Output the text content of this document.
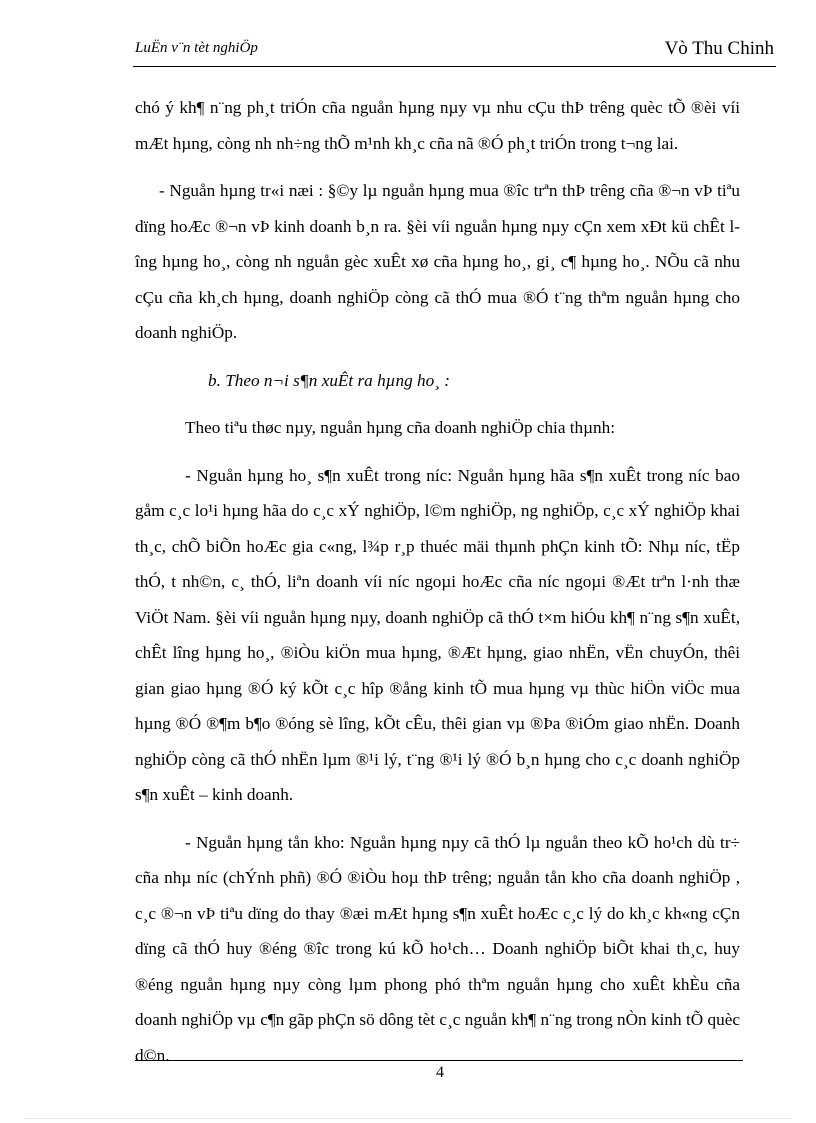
LuËn v¨n tèt nghiÖp	Vò Thu Chinh

chó ý kh¶ n¨ng ph¸t triÓn cña nguån hµng nµy vµ nhu cÇu thÞ trêng quèc tÕ ®èi víi mÆt hµng, còng nh nh÷ng thÕ m¹nh kh¸c cña nã ®Ó ph¸t triÓn trong t¬ng lai.

- Nguån hµng tr«i næi : §©y lµ nguån hµng mua ®îc trªn thÞ trêng cña ®¬n vÞ tiªu dïng hoÆc ®¬n vÞ kinh doanh b¸n ra. §èi víi nguån hµng nµy cÇn xem xÐt kü chÊt lîng hµng ho¸, còng nh nguån gèc xuÊt xø cña hµng ho¸, gi¸ c¶ hµng ho¸. NÕu cã nhu cÇu cña kh¸ch hµng, doanh nghiÖp còng cã thÓ mua ®Ó t¨ng thªm nguån hµng cho doanh nghiÖp.

b. Theo n¬i s¶n xuÊt ra hµng ho¸ :

Theo tiªu thøc nµy, nguån hµng cña doanh nghiÖp chia thµnh:

- Nguån hµng ho¸ s¶n xuÊt trong níc: Nguån hµng hãa s¶n xuÊt trong níc bao gåm c¸c lo¹i hµng hãa do c¸c xÝ nghiÖp, l©m nghiÖp, ng nghiÖp, c¸c xÝ nghiÖp khai th¸c, chÕ biÕn hoÆc gia c«ng, l¾p r¸p thuéc mäi thµnh phÇn kinh tÕ: Nhµ níc, tËp thÓ, t nh©n, c¸ thÓ, liªn doanh víi níc ngoµi hoÆc cña níc ngoµi ®Æt trªn l·nh thæ ViÖt Nam. §èi víi nguån hµng nµy, doanh nghiÖp cã thÓ t×m hiÓu kh¶ n¨ng s¶n xuÊt, chÊt lîng hµng ho¸, ®iÒu kiÖn mua hµng, ®Æt hµng, giao nhËn, vËn chuyÓn, thêi gian giao hµng ®Ó ký kÕt c¸c hîp ®ång kinh tÕ mua hµng vµ thùc hiÖn viÖc mua hµng ®Ó ®¶m b¶o ®óng sè lîng, kÕt cÊu, thêi gian vµ ®Þa ®iÓm giao nhËn. Doanh nghiÖp còng cã thÓ nhËn lµm ®¹i lý, t¨ng ®¹i lý ®Ó b¸n hµng cho c¸c doanh nghiÖp s¶n xuÊt – kinh doanh.

- Nguån hµng tån kho: Nguån hµng nµy cã thÓ lµ nguån theo kÕ ho¹ch dù tr÷ cña nhµ níc (chÝnh phñ) ®Ó ®iÒu hoµ thÞ trêng; nguån tån kho cña doanh nghiÖp , c¸c ®¬n vÞ tiªu dïng do thay ®æi mÆt hµng s¶n xuÊt hoÆc c¸c lý do kh¸c kh«ng cÇn dïng cã thÓ huy ®éng ®îc trong kú kÕ ho¹ch… Doanh nghiÖp biÕt khai th¸c, huy ®éng nguån hµng nµy còng lµm phong phó thªm nguån hµng cho xuÊt khÈu cña doanh nghiÖp vµ c¶n gãp phÇn sö dông tèt c¸c nguån kh¶ n¨ng trong nÒn kinh tÕ quèc d©n.

4
